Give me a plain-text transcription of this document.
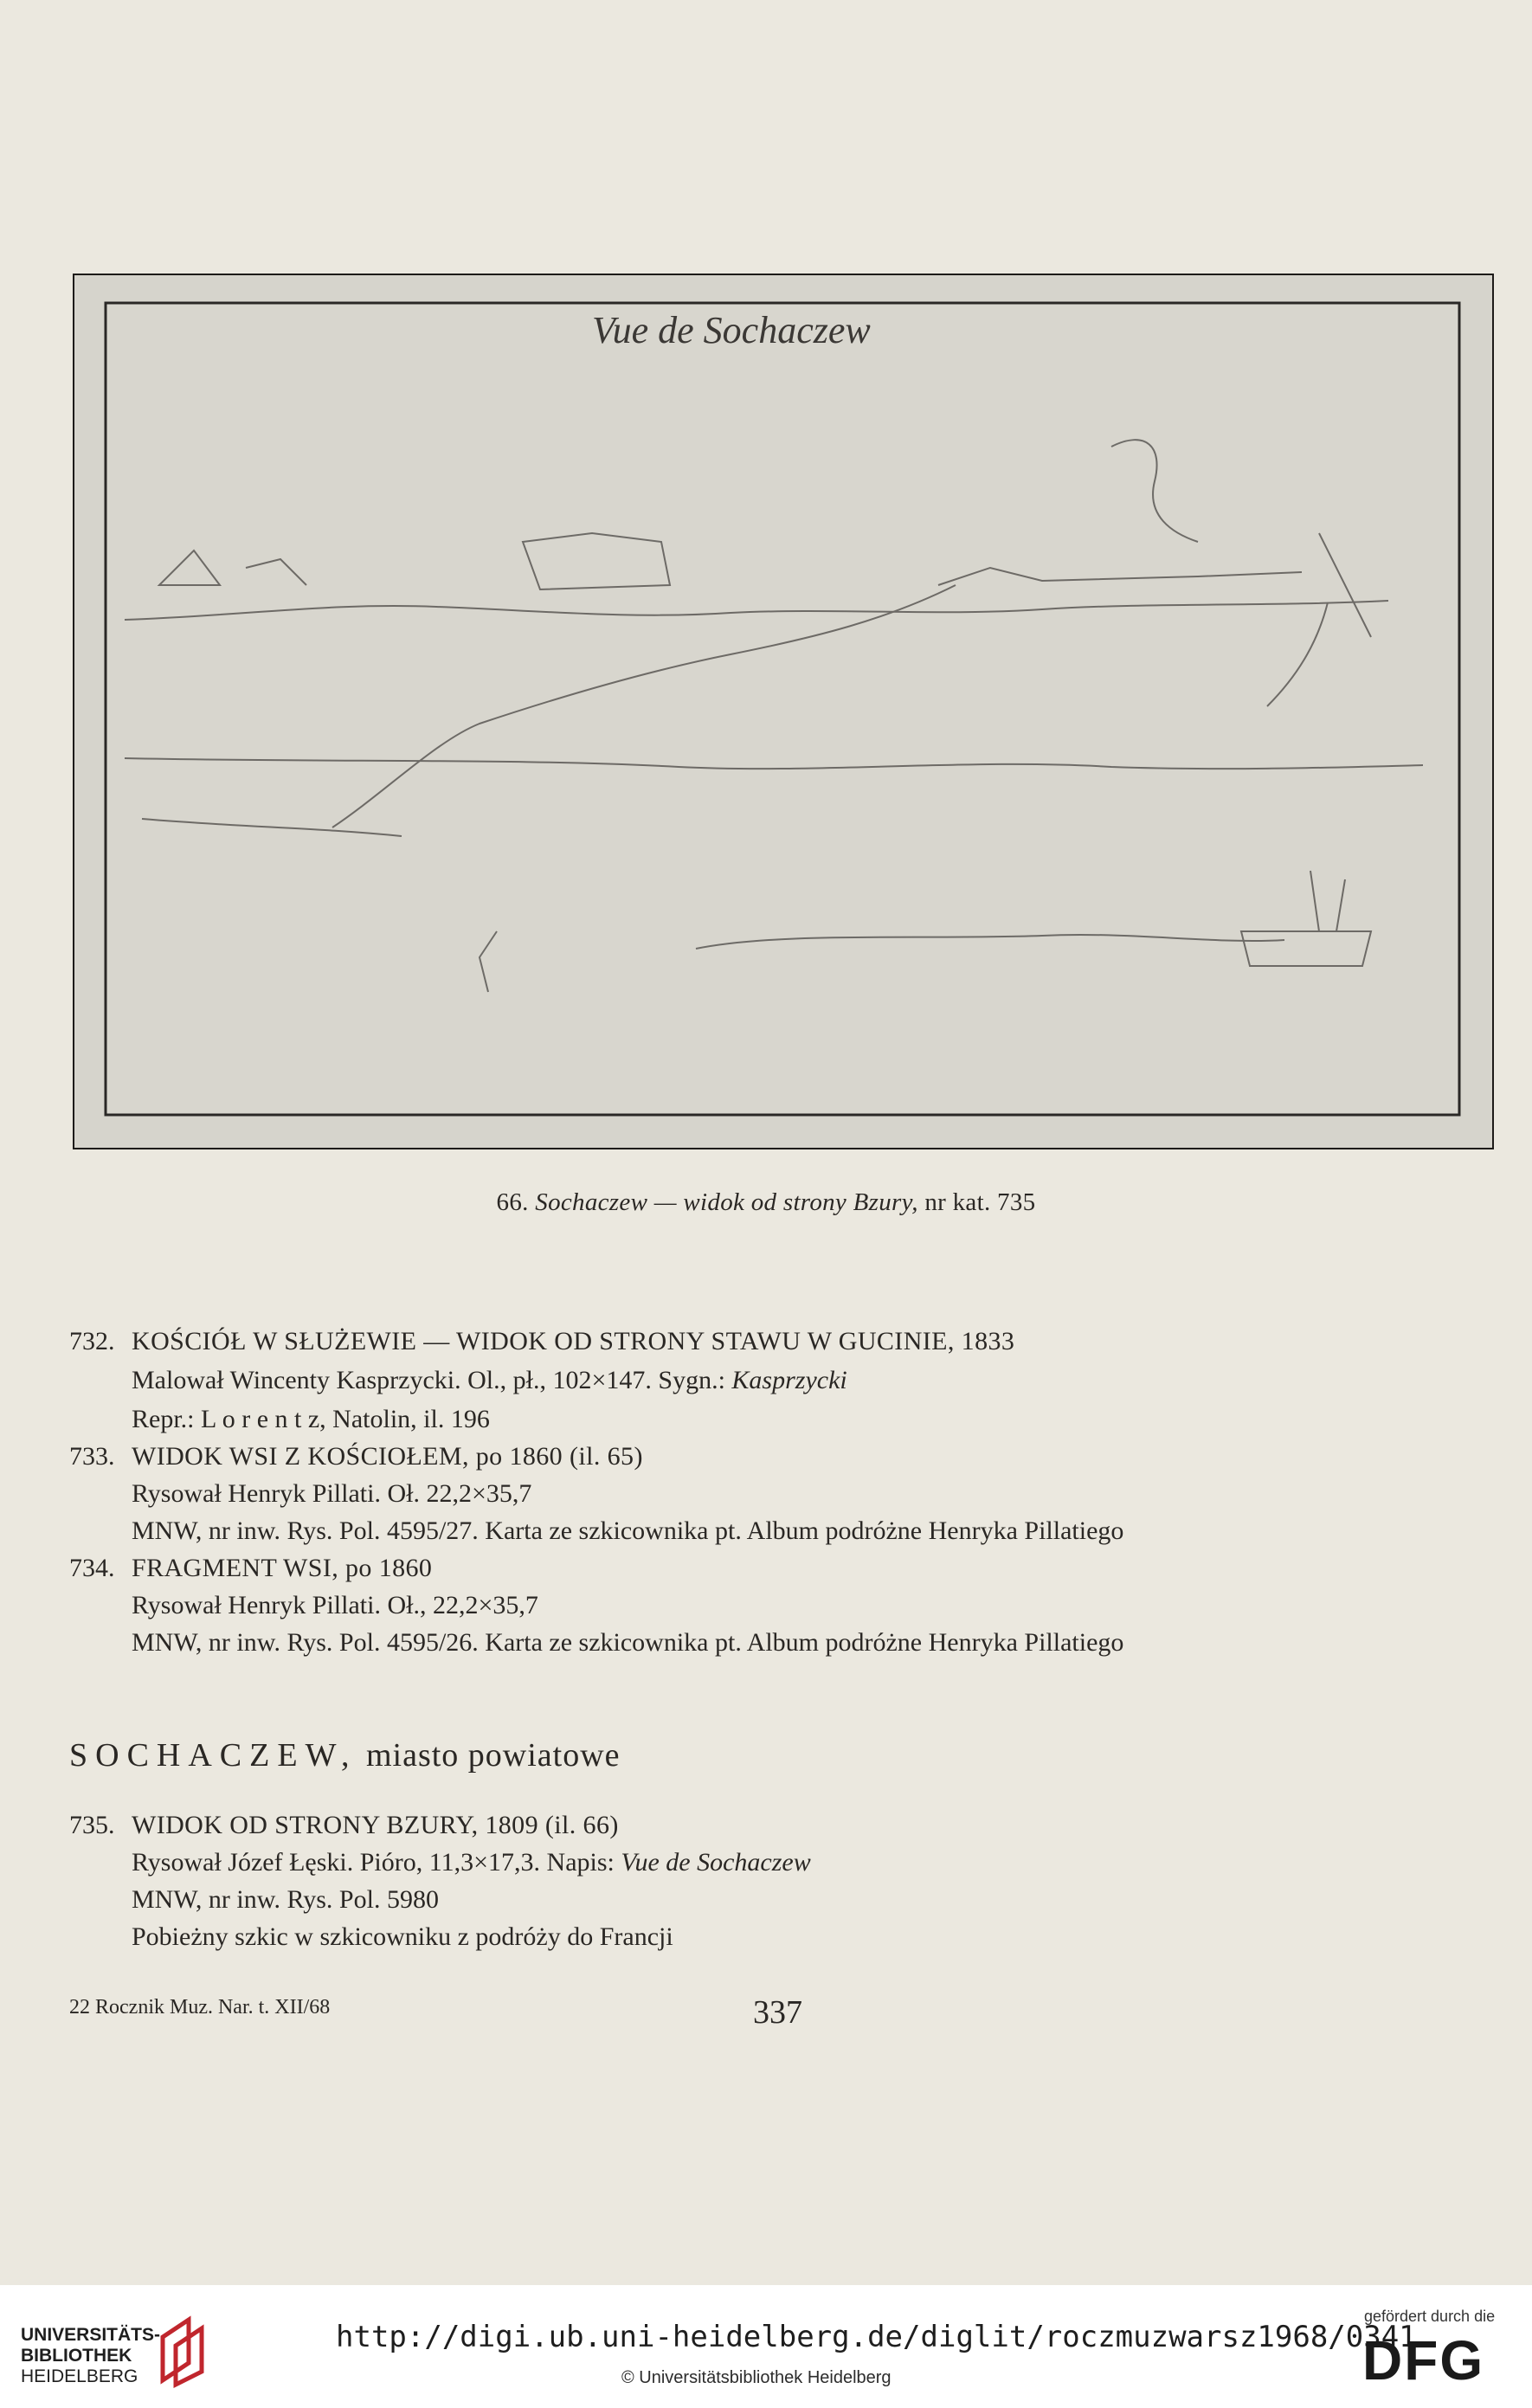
Vue de Sochaczew
66. Sochaczew — widok od strony Bzury, nr kat. 735
732. KOŚCIÓŁ W SŁUŻEWIE — WIDOK OD STRONY STAWU W GUCINIE, 1833
Malował Wincenty Kasprzycki. Ol., pł., 102×147. Sygn.: Kasprzycki
Repr.: L o r e n t z, Natolin, il. 196
733. WIDOK WSI Z KOŚCIOŁEM, po 1860 (il. 65)
Rysował Henryk Pillati. Oł. 22,2×35,7
MNW, nr inw. Rys. Pol. 4595/27. Karta ze szkicownika pt. Album podróżne Henryka Pillatiego
734. FRAGMENT WSI, po 1860
Rysował Henryk Pillati. Oł., 22,2×35,7
MNW, nr inw. Rys. Pol. 4595/26. Karta ze szkicownika pt. Album podróżne Henryka Pillatiego
SOCHACZEW, miasto powiatowe
735. WIDOK OD STRONY BZURY, 1809 (il. 66)
Rysował Józef Łęski. Pióro, 11,3×17,3. Napis: Vue de Sochaczew
MNW, nr inw. Rys. Pol. 5980
Pobieżny szkic w szkicowniku z podróży do Francji
22 Rocznik Muz. Nar. t. XII/68	337
UNIVERSITÄTS-
BIBLIOTHEK
HEIDELBERG
http://digi.ub.uni-heidelberg.de/diglit/roczmuzwarsz1968/0341
© Universitätsbibliothek Heidelberg
gefördert durch die
DFG
